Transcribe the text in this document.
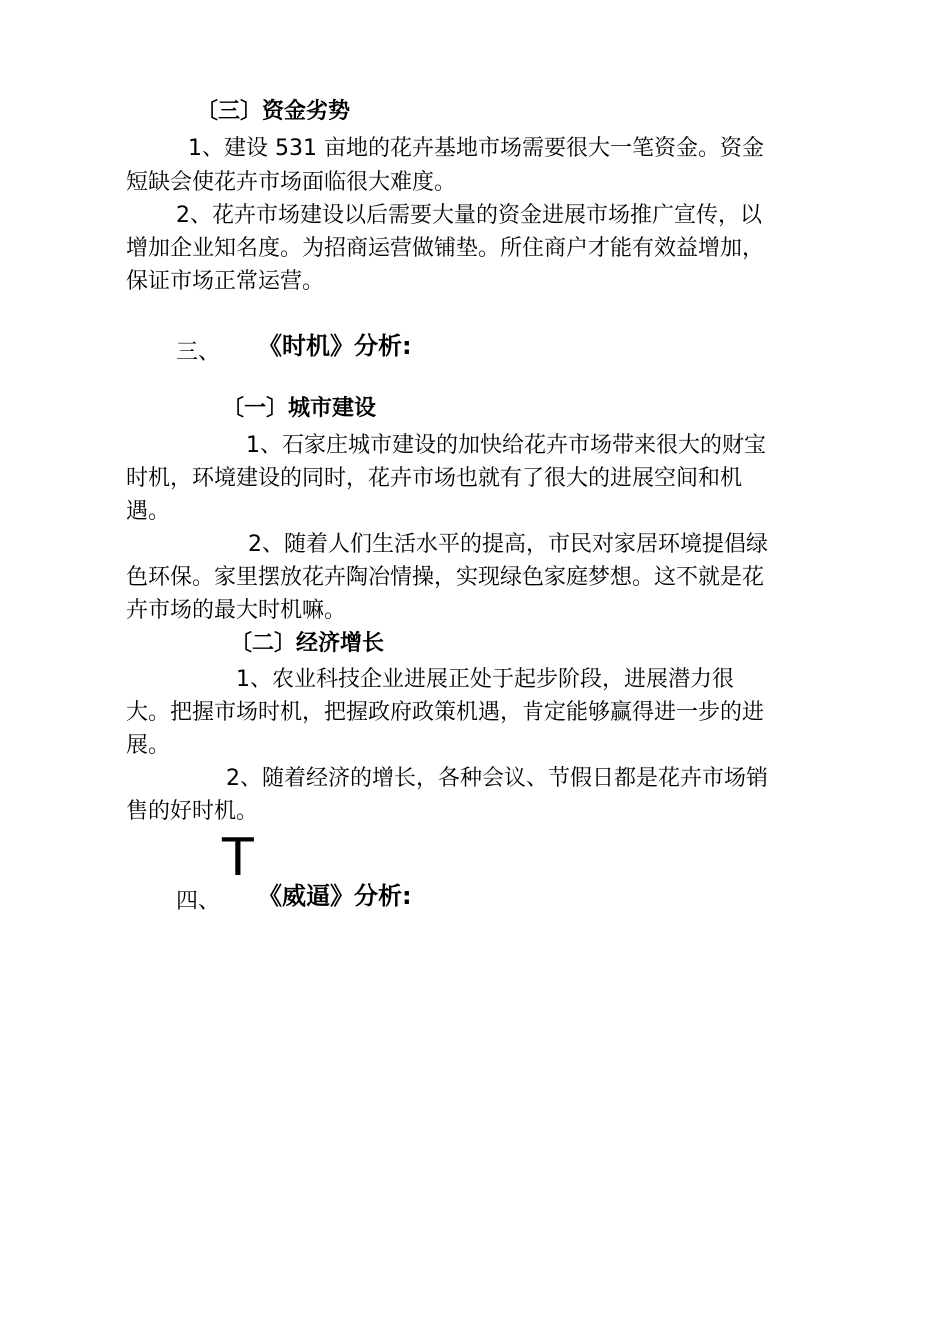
〔三〕资金劣势
1、建设 531 亩地的花卉基地市场需要很大一笔资金。资金
短缺会使花卉市场面临很大难度。
2、花卉市场建设以后需要大量的资金进展市场推广宣传，以
增加企业知名度。为招商运营做铺垫。所住商户才能有效益增加，
保证市场正常运营。
三、 《时机》分析:
〔一〕城市建设
1、石家庄城市建设的加快给花卉市场带来很大的财宝
时机，环境建设的同时，花卉市场也就有了很大的进展空间和机
遇。
2、随着人们生活水平的提高，市民对家居环境提倡绿
色环保。家里摆放花卉陶冶情操，实现绿色家庭梦想。这不就是花
卉市场的最大时机嘛。
〔二〕经济增长
1、农业科技企业进展正处于起步阶段，进展潜力很
大。把握市场时机，把握政府政策机遇，肯定能够赢得进一步的进
展。
2、随着经济的增长，各种会议、节假日都是花卉市场销
售的好时机。
T
四、 《威逼》分析:
